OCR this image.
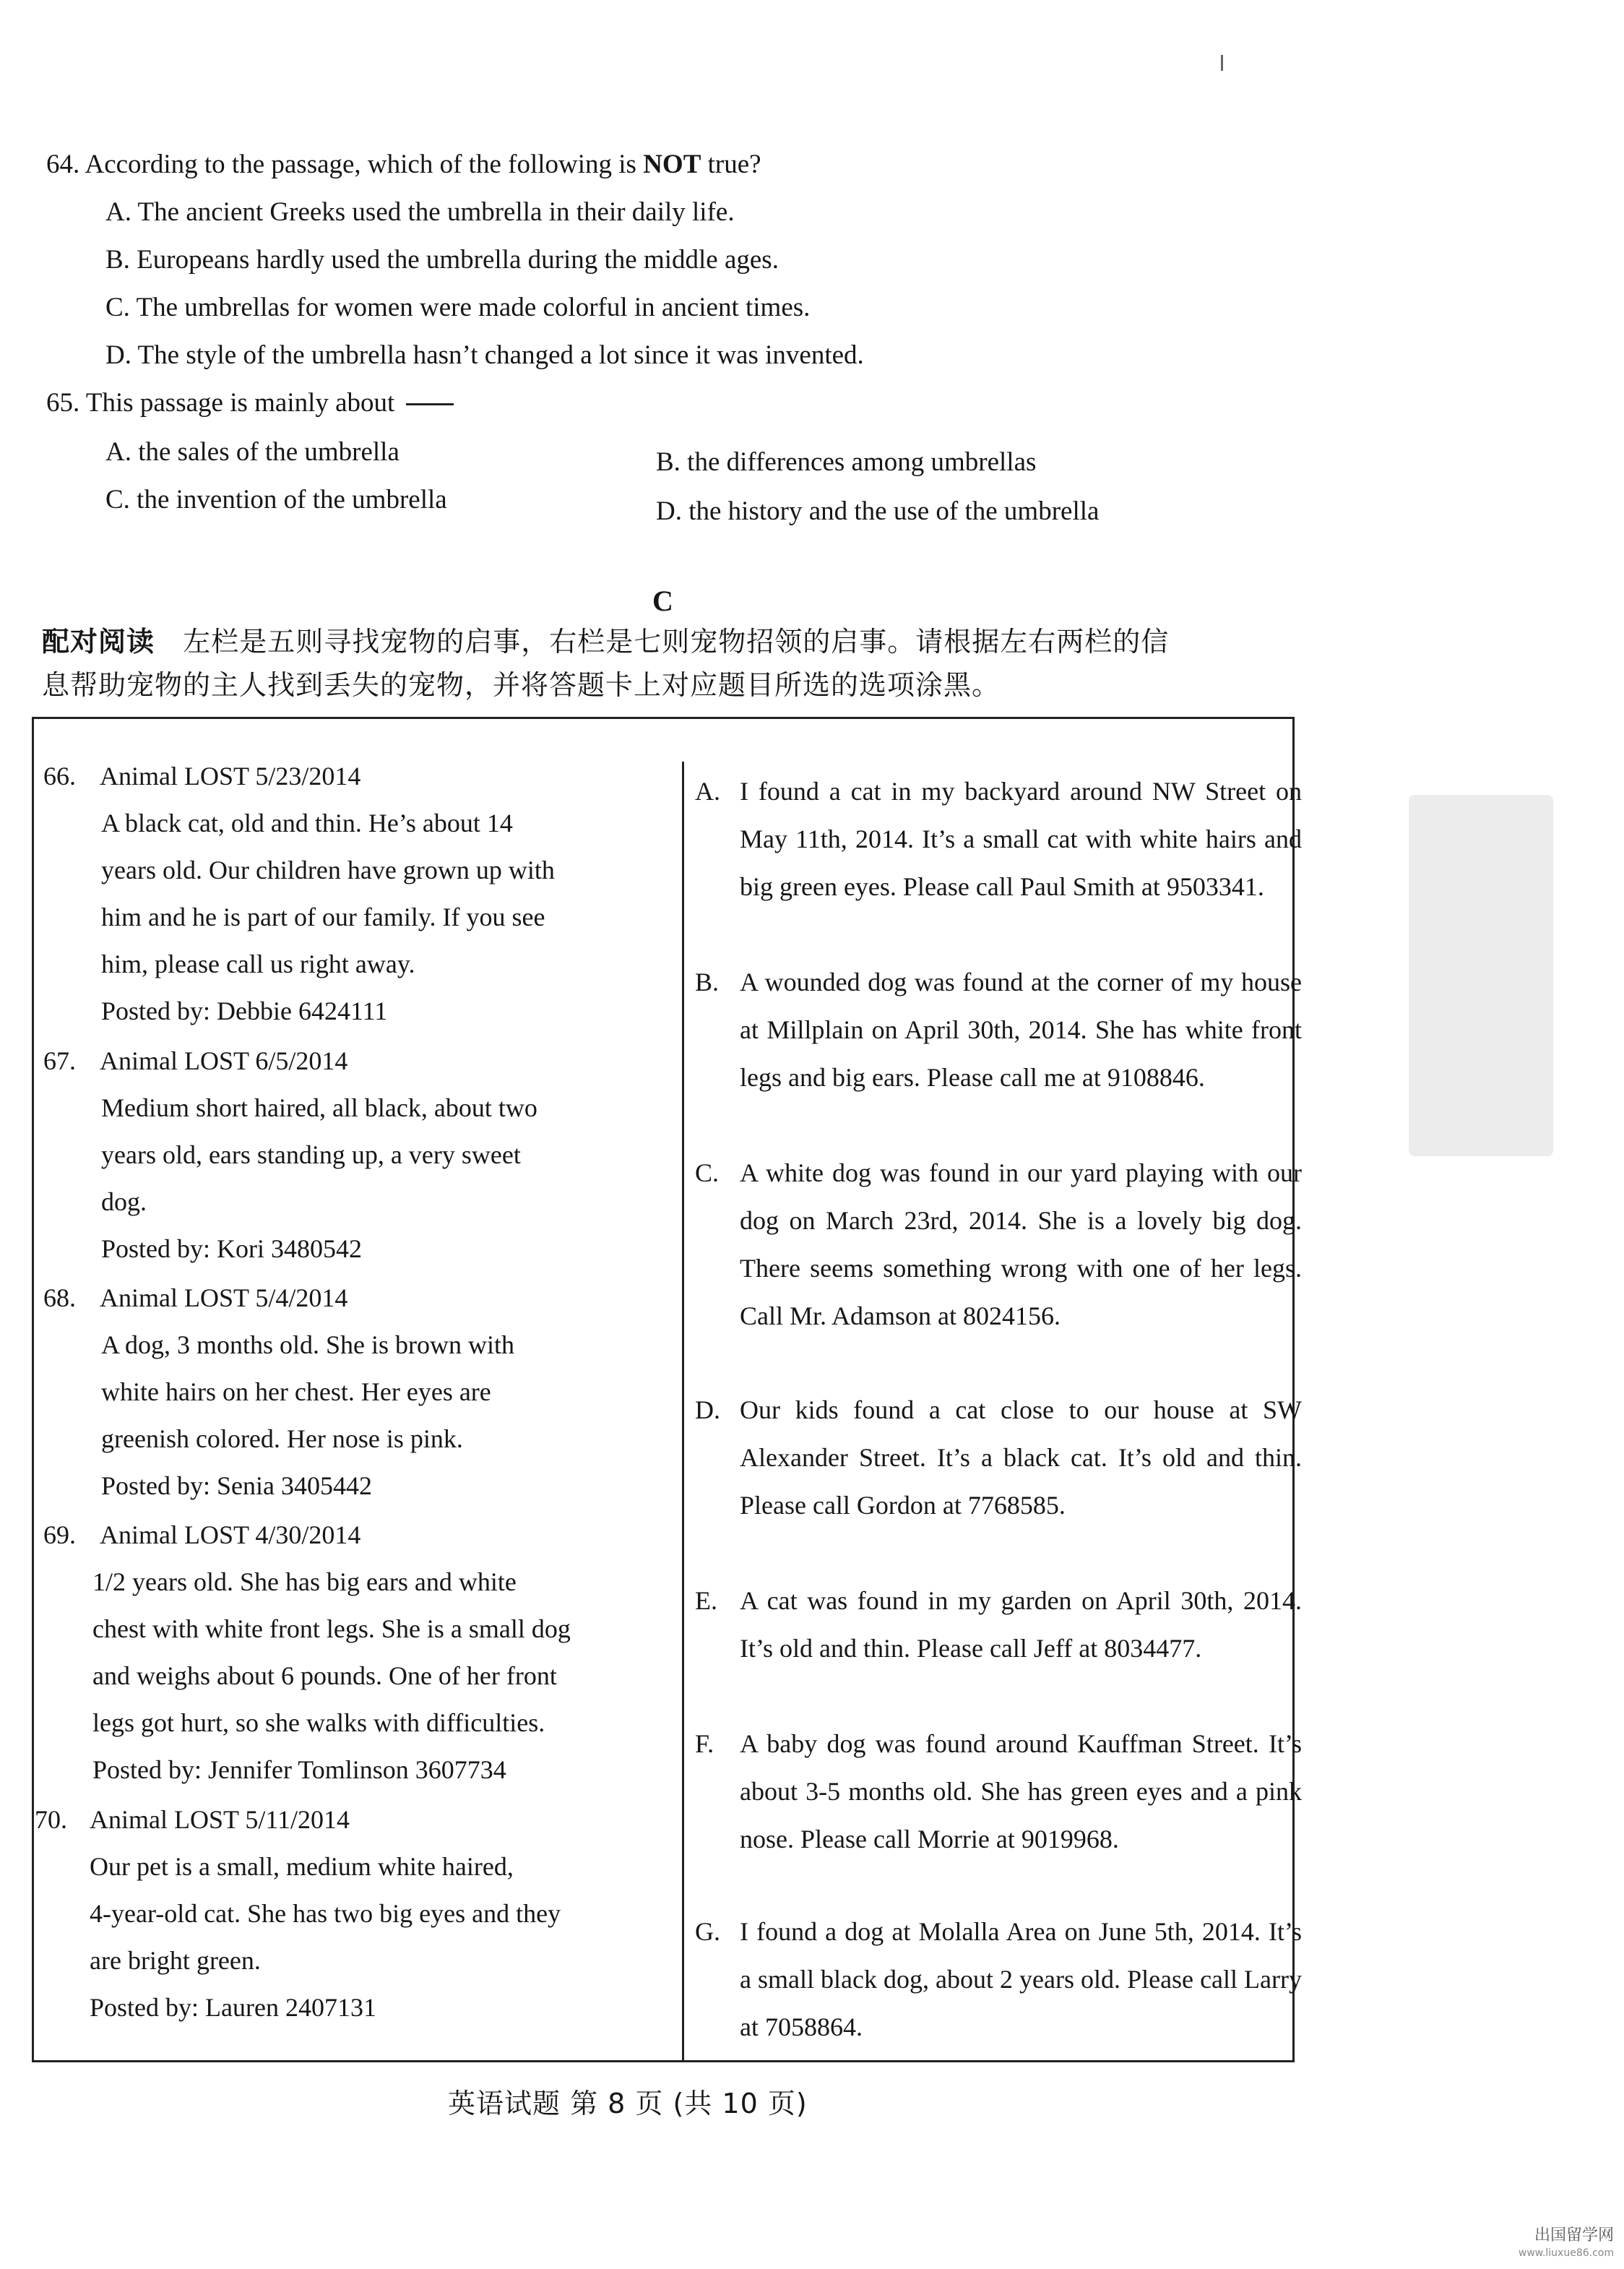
64. According to the passage, which of the following is NOT true?
A. The ancient Greeks used the umbrella in their daily life.
B. Europeans hardly used the umbrella during the middle ages.
C. The umbrellas for women were made colorful in ancient times.
D. The style of the umbrella hasn’t changed a lot since it was invented.
65. This passage is mainly about
A. the sales of the umbrella	B. the differences among umbrellas
C. the invention of the umbrella	D. the history and the use of the umbrella
C
配对阅读 左栏是五则寻找宠物的启事，右栏是七则宠物招领的启事。请根据左右两栏的信
息帮助宠物的主人找到丢失的宠物，并将答题卡上对应题目所选的选项涂黑。
66. Animal LOST 5/23/2014
A black cat, old and thin. He’s about 14
years old. Our children have grown up with
him and he is part of our family. If you see
him, please call us right away.
Posted by: Debbie 6424111
67. Animal LOST 6/5/2014
Medium short haired, all black, about two
years old, ears standing up, a very sweet
dog.
Posted by: Kori 3480542
68. Animal LOST 5/4/2014
A dog, 3 months old. She is brown with
white hairs on her chest. Her eyes are
greenish colored. Her nose is pink.
Posted by: Senia 3405442
69. Animal LOST 4/30/2014
1/2 years old. She has big ears and white
chest with white front legs. She is a small dog
and weighs about 6 pounds. One of her front
legs got hurt, so she walks with difficulties.
Posted by: Jennifer Tomlinson 3607734
70. Animal LOST 5/11/2014
Our pet is a small, medium white haired,
4-year-old cat. She has two big eyes and they
are bright green.
Posted by: Lauren 2407131
A. I found a cat in my backyard around NW Street on May 11th, 2014. It’s a small cat with white hairs and big green eyes. Please call Paul Smith at 9503341.
B. A wounded dog was found at the corner of my house at Millplain on April 30th, 2014. She has white front legs and big ears. Please call me at 9108846.
C. A white dog was found in our yard playing with our dog on March 23rd, 2014. She is a lovely big dog. There seems something wrong with one of her legs. Call Mr. Adamson at 8024156.
D. Our kids found a cat close to our house at SW Alexander Street. It’s a black cat. It’s old and thin. Please call Gordon at 7768585.
E. A cat was found in my garden on April 30th, 2014. It’s old and thin. Please call Jeff at 8034477.
F. A baby dog was found around Kauffman Street. It’s about 3-5 months old. She has green eyes and a pink nose. Please call Morrie at 9019968.
G. I found a dog at Molalla Area on June 5th, 2014. It’s a small black dog, about 2 years old. Please call Larry at 7058864.
英语试题 第 8 页 (共 10 页)
出国留学网
www.liuxue86.com
